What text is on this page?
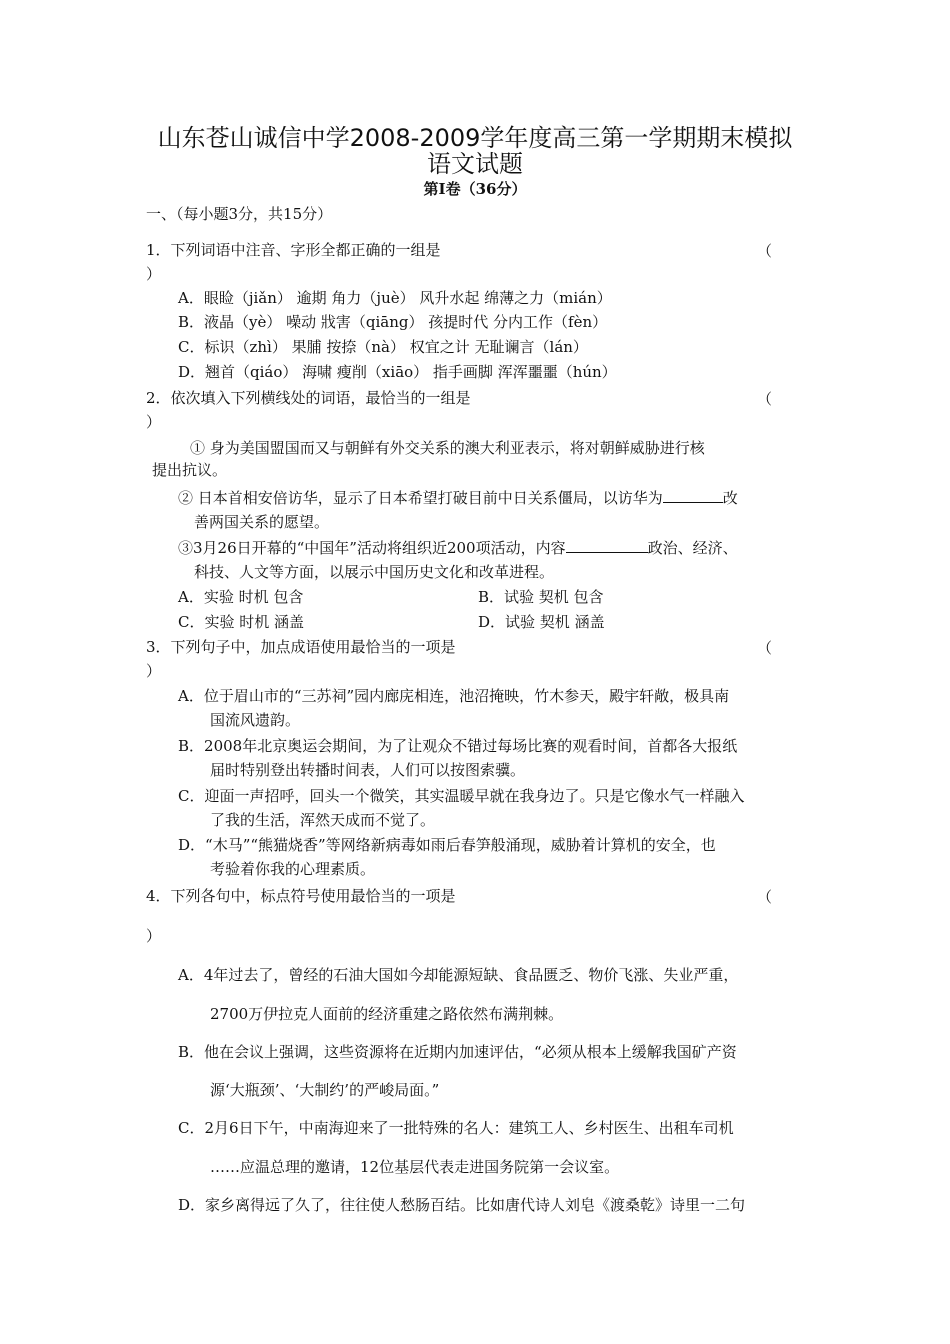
山东苍山诚信中学2008-2009学年度高三第一学期期末模拟
语文试题
第Ⅰ卷（36分）
一、（每小题3分，共15分）
1．下列词语中注音、字形全都正确的一组是	（
）
A．眼睑（jiǎn） 逾期 角力（juè） 风升水起 绵薄之力（mián）
B．液晶（yè） 噪动 戕害（qiāng） 孩提时代 分内工作（fèn）
C．标识（zhì） 果脯 按捺（nà） 权宜之计 无耻谰言（lán）
D．翘首（qiáo） 海啸 瘦削（xiāo） 指手画脚 浑浑噩噩（hún）
2．依次填入下列横线处的词语，最恰当的一组是	（
）
① 身为美国盟国而又与朝鲜有外交关系的澳大利亚表示，将对朝鲜威胁进行核
提出抗议。
② 日本首相安倍访华，显示了日本希望打破目前中日关系僵局，以访华为	改
善两国关系的愿望。
③3月26日开幕的“中国年”活动将组织近200项活动，内容	政治、经济、
科技、人文等方面，以展示中国历史文化和改革进程。
A．实验 时机 包含	B．试验 契机 包含
C．实验 时机 涵盖	D．试验 契机 涵盖
3．下列句子中，加点成语使用最恰当的一项是	（
）
A．位于眉山市的“三苏祠”园内廊庑相连，池沼掩映，竹木参天，殿宇轩敞，极具南
国流风遗韵。
B．2008年北京奥运会期间，为了让观众不错过每场比赛的观看时间，首都各大报纸
届时特别登出转播时间表，人们可以按图索骥。
C．迎面一声招呼，回头一个微笑，其实温暖早就在我身边了。只是它像水气一样融入
了我的生活，浑然天成而不觉了。
D．“木马”“熊猫烧香”等网络新病毒如雨后春笋般涌现，威胁着计算机的安全，也
考验着你我的心理素质。
4．下列各句中，标点符号使用最恰当的一项是	（
）
A．4年过去了，曾经的石油大国如今却能源短缺、食品匮乏、物价飞涨、失业严重，
2700万伊拉克人面前的经济重建之路依然布满荆棘。
B．他在会议上强调，这些资源将在近期内加速评估，“必须从根本上缓解我国矿产资
源‘大瓶颈’、‘大制约’的严峻局面。”
C．2月6日下午，中南海迎来了一批特殊的名人：建筑工人、乡村医生、出租车司机
……应温总理的邀请，12位基层代表走进国务院第一会议室。
D．家乡离得远了久了，往往使人愁肠百结。比如唐代诗人刘皂《渡桑乾》诗里一二句
